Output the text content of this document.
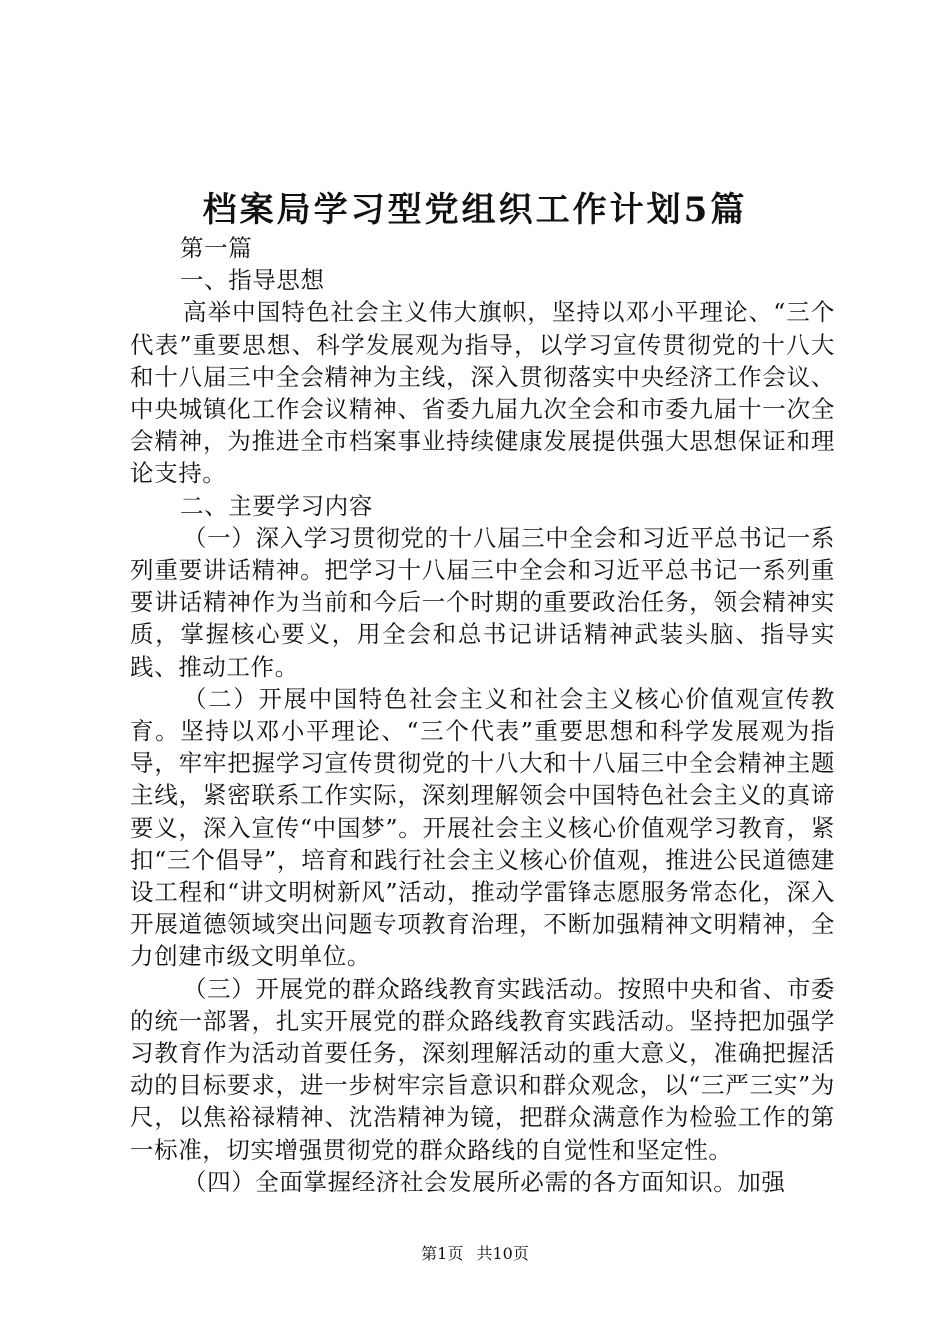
档案局学习型党组织工作计划5篇

第一篇

一、指导思想

高举中国特色社会主义伟大旗帜，坚持以邓小平理论、“三个代表”重要思想、科学发展观为指导，以学习宣传贯彻党的十八大和十八届三中全会精神为主线，深入贯彻落实中央经济工作会议、中央城镇化工作会议精神、省委九届九次全会和市委九届十一次全会精神，为推进全市档案事业持续健康发展提供强大思想保证和理论支持。

二、主要学习内容

（一）深入学习贯彻党的十八届三中全会和习近平总书记一系列重要讲话精神。把学习十八届三中全会和习近平总书记一系列重要讲话精神作为当前和今后一个时期的重要政治任务，领会精神实质，掌握核心要义，用全会和总书记讲话精神武装头脑、指导实践、推动工作。

（二）开展中国特色社会主义和社会主义核心价值观宣传教育。坚持以邓小平理论、“三个代表”重要思想和科学发展观为指导，牢牢把握学习宣传贯彻党的十八大和十八届三中全会精神主题主线，紧密联系工作实际，深刻理解领会中国特色社会主义的真谛要义，深入宣传“中国梦”。开展社会主义核心价值观学习教育，紧扣“三个倡导”，培育和践行社会主义核心价值观，推进公民道德建设工程和“讲文明树新风”活动，推动学雷锋志愿服务常态化，深入开展道德领域突出问题专项教育治理，不断加强精神文明精神，全力创建市级文明单位。

（三）开展党的群众路线教育实践活动。按照中央和省、市委的统一部署，扎实开展党的群众路线教育实践活动。坚持把加强学习教育作为活动首要任务，深刻理解活动的重大意义，准确把握活动的目标要求，进一步树牢宗旨意识和群众观念，以“三严三实”为尺，以焦裕禄精神、沈浩精神为镜，把群众满意作为检验工作的第一标准，切实增强贯彻党的群众路线的自觉性和坚定性。

（四）全面掌握经济社会发展所必需的各方面知识。加强

第1页 共10页
